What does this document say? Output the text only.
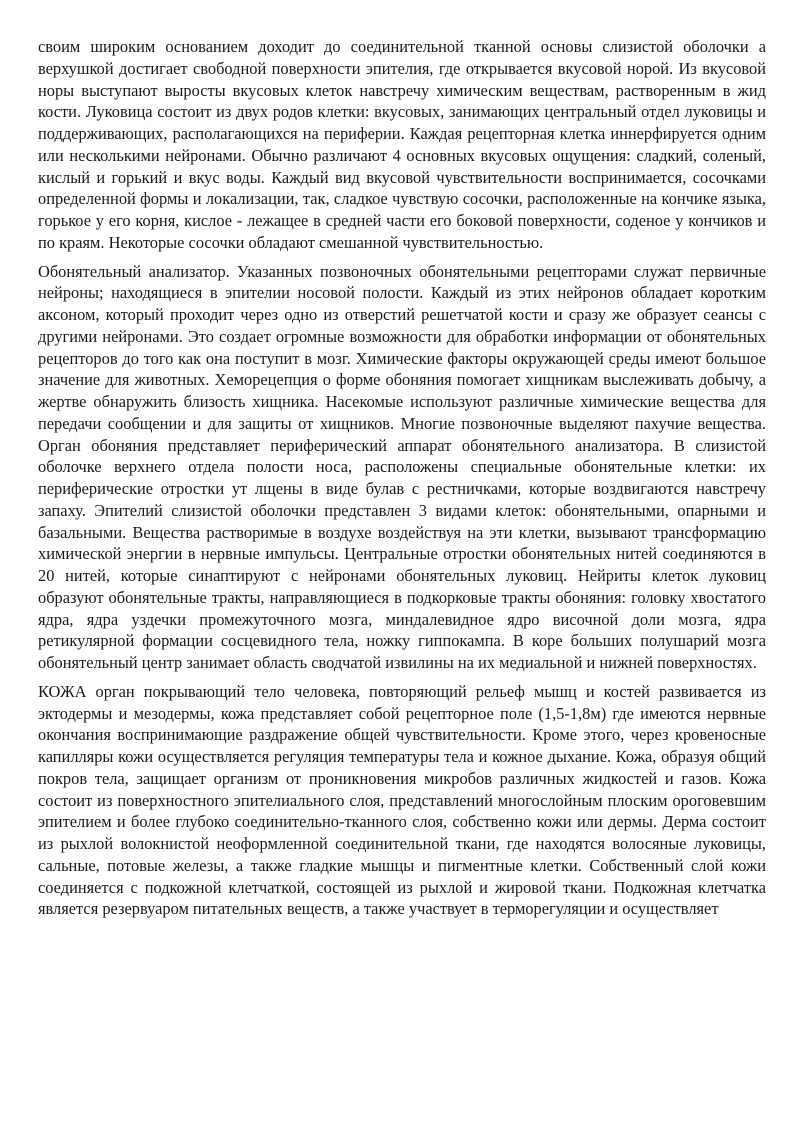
своим широким основанием доходит до соединительной тканной основы слизистой оболочки а верхушкой достигает свободной поверхности эпителия, где открывается вкусовой норой. Из вкусовой норы выступают выросты вкусовых клеток навстречу химическим веществам, растворенным в жид кости. Луковица состоит из двух родов клетки: вкусовых, занимающих центральный отдел луковицы и поддерживающих, располагающихся на периферии. Каждая рецепторная клетка иннерфируется одним или несколькими нейронами. Обычно различают 4 основных вкусовых ощущения: сладкий, соленый, кислый и горький и вкус воды. Каждый вид вкусовой чувствительности воспринимается, сосочками определенной формы и локализации, так, сладкое чувствую сосочки, расположенные на кончике языка, горькое у его корня, кислое - лежащее в средней части его боковой поверхности, соденое у кончиков и по краям. Некоторые сосочки обладают смешанной чувствительностью.

Обонятельный анализатор. Указанных позвоночных обонятельными рецепторами служат первичные нейроны; находящиеся в эпителии носовой полости. Каждый из этих нейронов обладает коротким аксоном, который проходит через одно из отверстий решетчатой кости и сразу же образует сеансы с другими нейронами. Это создает огромные возможности для обработки информации от обонятельных рецепторов до того как она поступит в мозг. Химические факторы окружающей среды имеют большое значение для животных. Хеморецепция о форме обоняния помогает хищникам выслеживать добычу, а жертве обнаружить близость хищника. Насекомые используют различные химические вещества для передачи сообщении и для защиты от хищников. Многие позвоночные выделяют пахучие вещества. Орган обоняния представляет периферический аппарат обонятельного анализатора. В слизистой оболочке верхнего отдела полости носа, расположены специальные обонятельные клетки: их периферические отростки ут лщены в виде булав с рестничками, которые воздвигаются навстречу запаху. Эпителий слизистой оболочки представлен 3 видами клеток: обонятельными, опарными и базальными. Вещества растворимые в воздухе воздействуя на эти клетки, вызывают трансформацию химической энергии в нервные импульсы. Центральные отростки обонятельных нитей соединяются в 20 нитей, которые синаптируют с нейронами обонятельных луковиц. Нейриты клеток луковиц образуют обонятельные тракты, направляющиеся в подкорковые тракты обоняния: головку хвостатого ядра, ядра уздечки промежуточного мозга, миндалевидное ядро височной доли мозга, ядра ретикулярной формации сосцевидного тела, ножку гиппокампа. В коре больших полушарий мозга обонятельный центр занимает область сводчатой извилины на их медиальной и нижней поверхностях.

КОЖА орган покрывающий тело человека, повторяющий рельеф мышц и костей развивается из эктодермы и мезодермы, кожа представляет собой рецепторное поле (1,5-1,8м) где имеются нервные окончания воспринимающие раздражение общей чувствительности. Кроме этого, через кровеносные капилляры кожи осуществляется регуляция температуры тела и кожное дыхание. Кожа, образуя общий покров тела, защищает организм от проникновения микробов различных жидкостей и газов. Кожа состоит из поверхностного эпителиального слоя, представлений многослойным плоским ороговевшим эпителием и более глубоко соединительно-тканного слоя, собственно кожи или дермы. Дерма состоит из рыхлой волокнистой неоформленной соединительной ткани, где находятся волосяные луковицы, сальные, потовые железы, а также гладкие мышцы и пигментные клетки. Собственный слой кожи соединяется с подкожной клетчаткой, состоящей из рыхлой и жировой ткани. Подкожная клетчатка является резервуаром питательных веществ, а также участвует в терморегуляции и осуществляет
